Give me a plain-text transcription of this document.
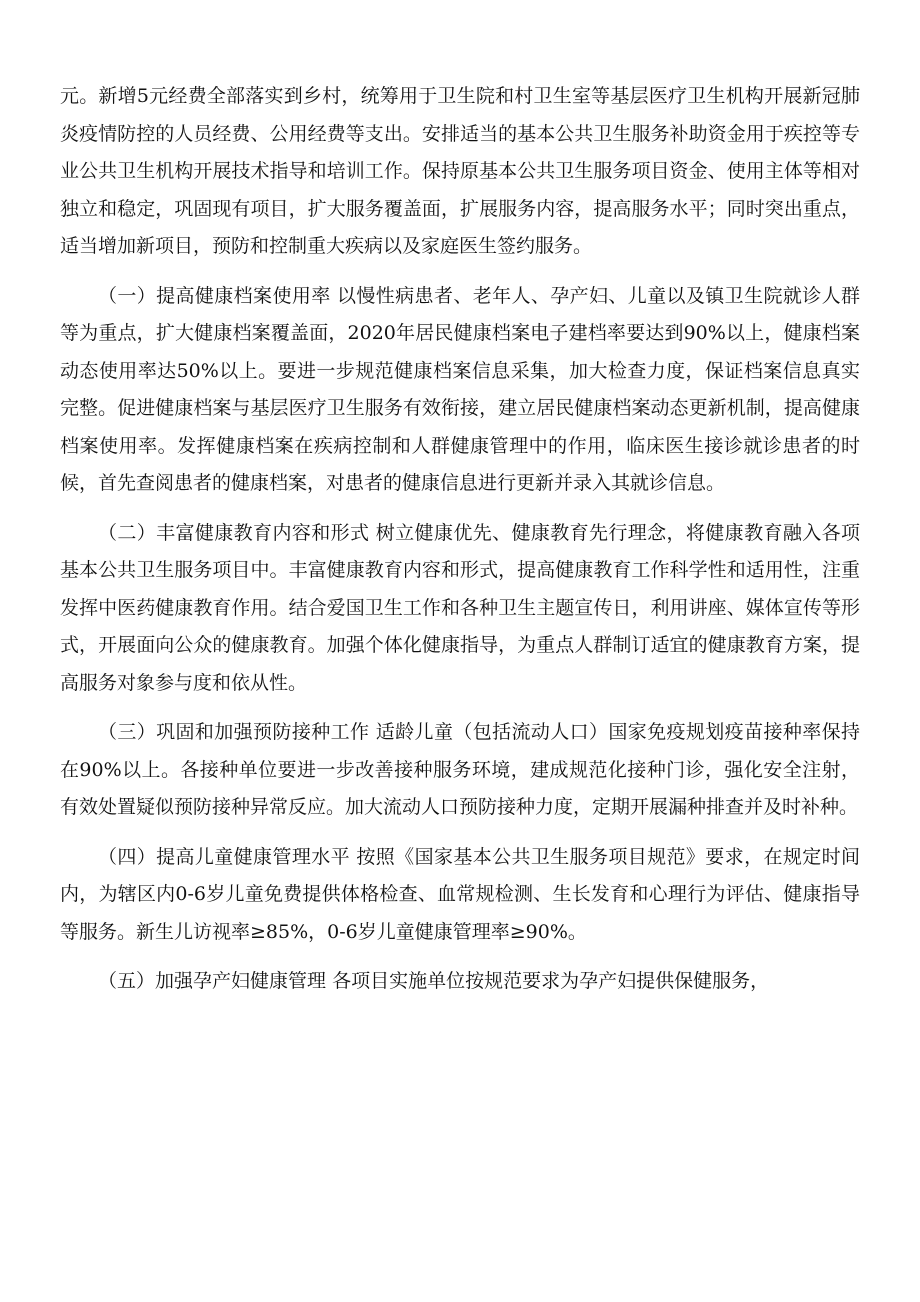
元。新增5元经费全部落实到乡村，统筹用于卫生院和村卫生室等基层医疗卫生机构开展新冠肺炎疫情防控的人员经费、公用经费等支出。安排适当的基本公共卫生服务补助资金用于疾控等专业公共卫生机构开展技术指导和培训工作。保持原基本公共卫生服务项目资金、使用主体等相对独立和稳定，巩固现有项目，扩大服务覆盖面，扩展服务内容，提高服务水平；同时突出重点，适当增加新项目，预防和控制重大疾病以及家庭医生签约服务。

（一）提高健康档案使用率 以慢性病患者、老年人、孕产妇、儿童以及镇卫生院就诊人群等为重点，扩大健康档案覆盖面，2020年居民健康档案电子建档率要达到90%以上，健康档案动态使用率达50%以上。要进一步规范健康档案信息采集，加大检查力度，保证档案信息真实完整。促进健康档案与基层医疗卫生服务有效衔接，建立居民健康档案动态更新机制，提高健康档案使用率。发挥健康档案在疾病控制和人群健康管理中的作用，临床医生接诊就诊患者的时候，首先查阅患者的健康档案，对患者的健康信息进行更新并录入其就诊信息。

（二）丰富健康教育内容和形式 树立健康优先、健康教育先行理念，将健康教育融入各项基本公共卫生服务项目中。丰富健康教育内容和形式，提高健康教育工作科学性和适用性，注重发挥中医药健康教育作用。结合爱国卫生工作和各种卫生主题宣传日，利用讲座、媒体宣传等形式，开展面向公众的健康教育。加强个体化健康指导，为重点人群制订适宜的健康教育方案，提高服务对象参与度和依从性。

（三）巩固和加强预防接种工作 适龄儿童（包括流动人口）国家免疫规划疫苗接种率保持在90%以上。各接种单位要进一步改善接种服务环境，建成规范化接种门诊，强化安全注射，有效处置疑似预防接种异常反应。加大流动人口预防接种力度，定期开展漏种排查并及时补种。

（四）提高儿童健康管理水平 按照《国家基本公共卫生服务项目规范》要求，在规定时间内，为辖区内0-6岁儿童免费提供体格检查、血常规检测、生长发育和心理行为评估、健康指导等服务。新生儿访视率≥85%，0-6岁儿童健康管理率≥90%。

（五）加强孕产妇健康管理 各项目实施单位按规范要求为孕产妇提供保健服务，
